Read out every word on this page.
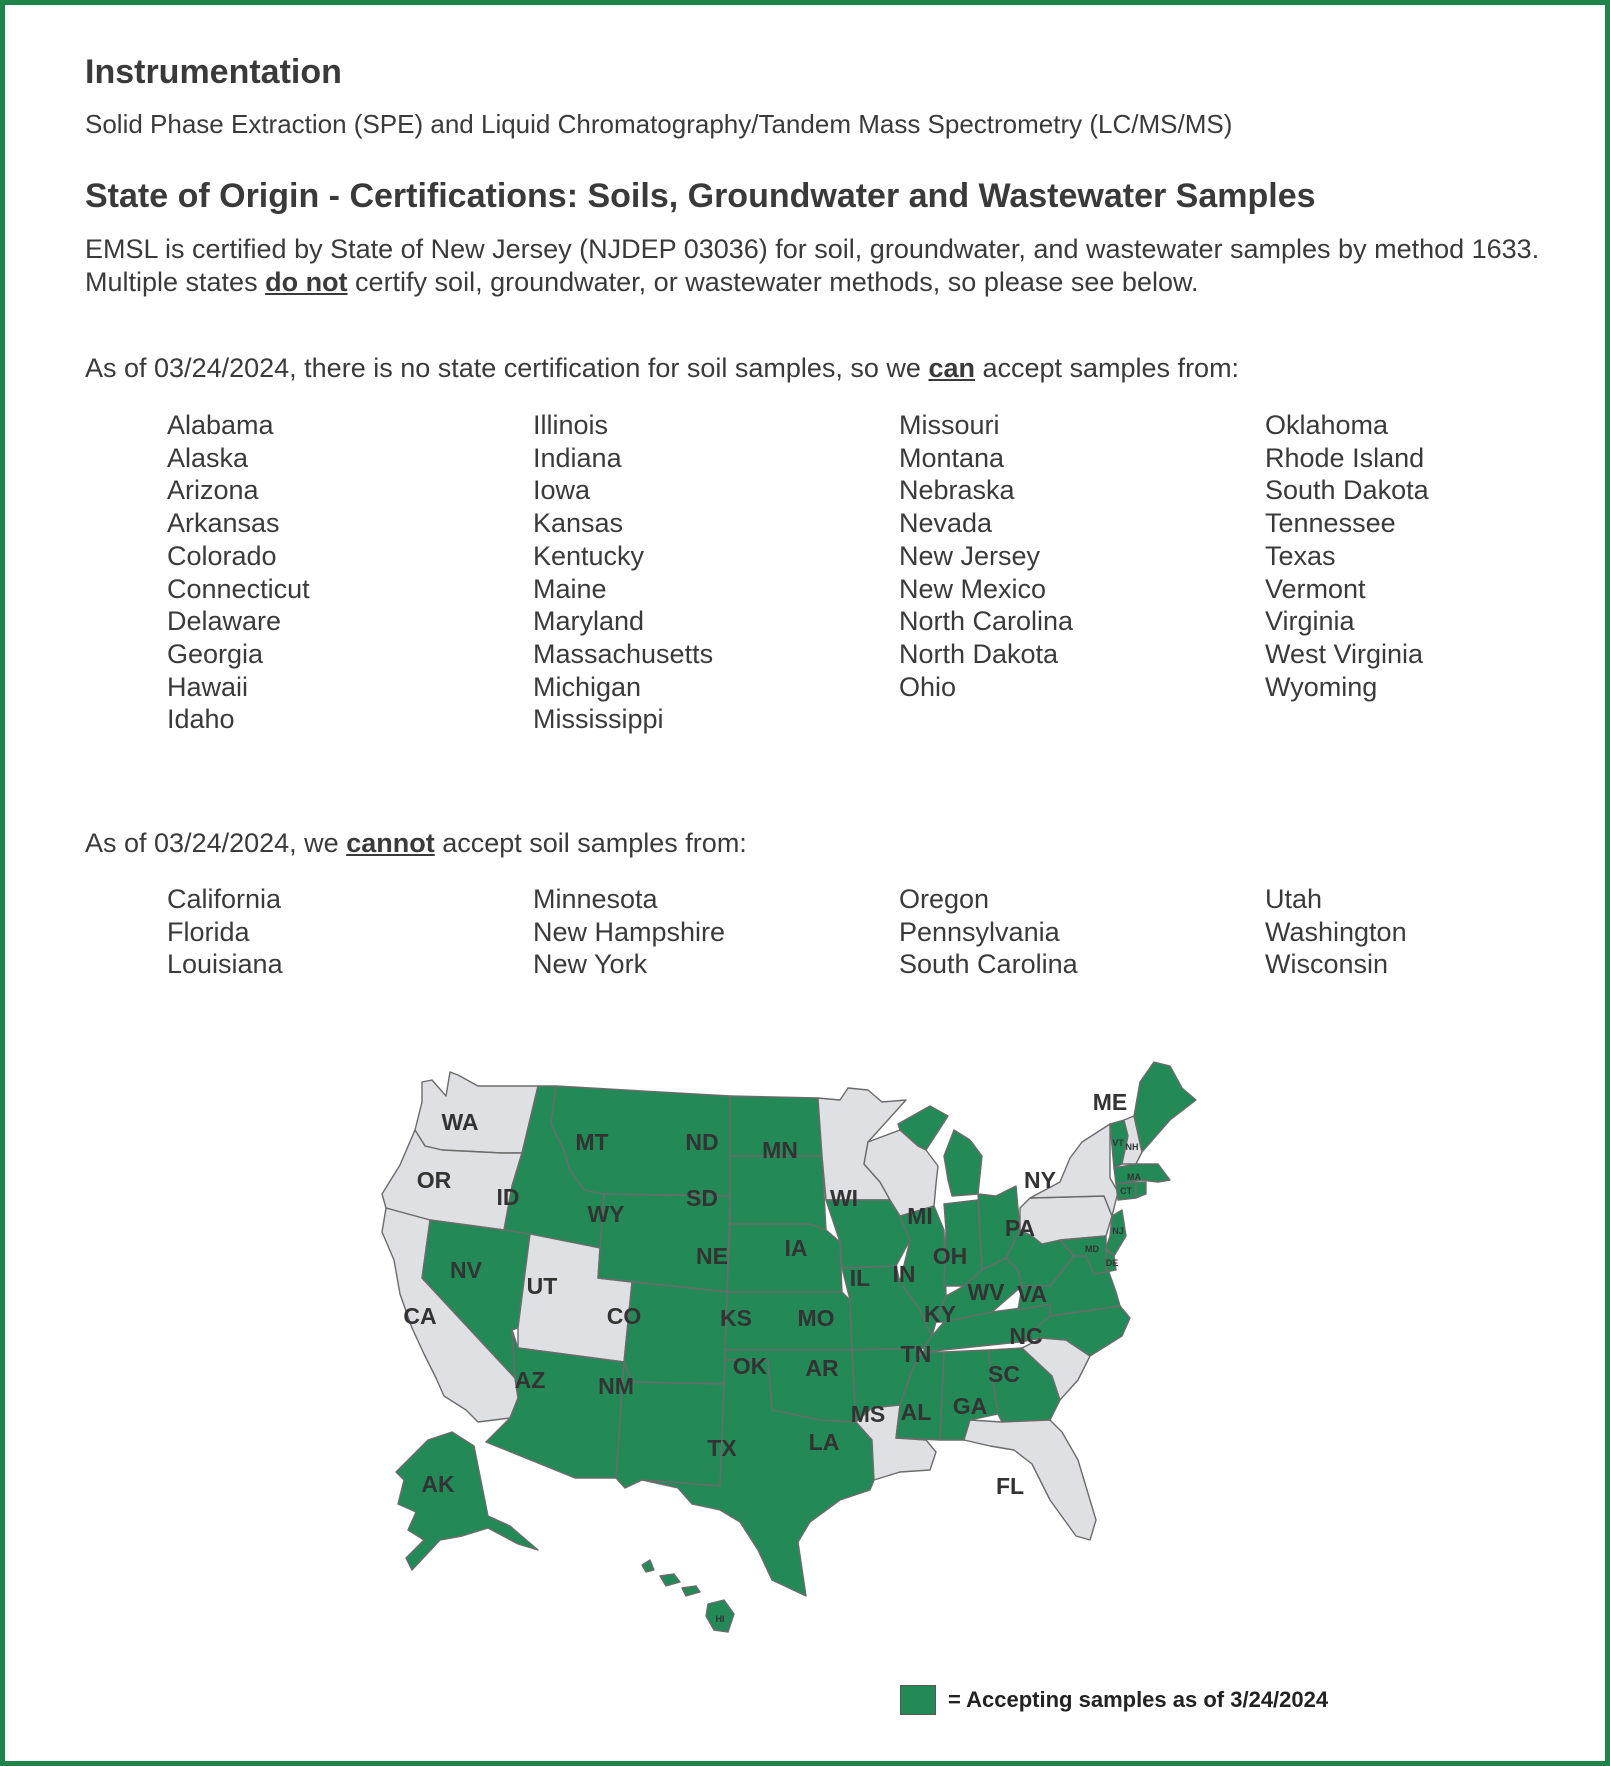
Instrumentation
Solid Phase Extraction (SPE) and Liquid Chromatography/Tandem Mass Spectrometry (LC/MS/MS)
State of Origin - Certifications: Soils, Groundwater and Wastewater Samples
EMSL is certified by State of New Jersey (NJDEP 03036) for soil, groundwater, and wastewater samples by method 1633.
Multiple states do not certify soil, groundwater, or wastewater methods, so please see below.
As of 03/24/2024, there is no state certification for soil samples, so we can accept samples from:
Alabama
Alaska
Arizona
Arkansas
Colorado
Connecticut
Delaware
Georgia
Hawaii
Idaho
Illinois
Indiana
Iowa
Kansas
Kentucky
Maine
Maryland
Massachusetts
Michigan
Mississippi
Missouri
Montana
Nebraska
Nevada
New Jersey
New Mexico
North Carolina
North Dakota
Ohio
Oklahoma
Rhode Island
South Dakota
Tennessee
Texas
Vermont
Virginia
West Virginia
Wyoming
As of 03/24/2024, we cannot accept soil samples from:
California
Florida
Louisiana
Minnesota
New Hampshire
New York
Oregon
Pennsylvania
South Carolina
Utah
Washington
Wisconsin
WA
OR
CA
ID
NV
UT
AZ
MT
WY
CO
NM
ND
SD
NE
KS
OK
TX
MN
IA
MO
AR
LA
WI
IL
MI
IN
OH
KY
TN
MS AL GA
FL
SC
NC
VA
WV
PA
NY
ME
VT NH
MA
CT
NJ
DE
MD
AK
HI
= Accepting samples as of 3/24/2024
